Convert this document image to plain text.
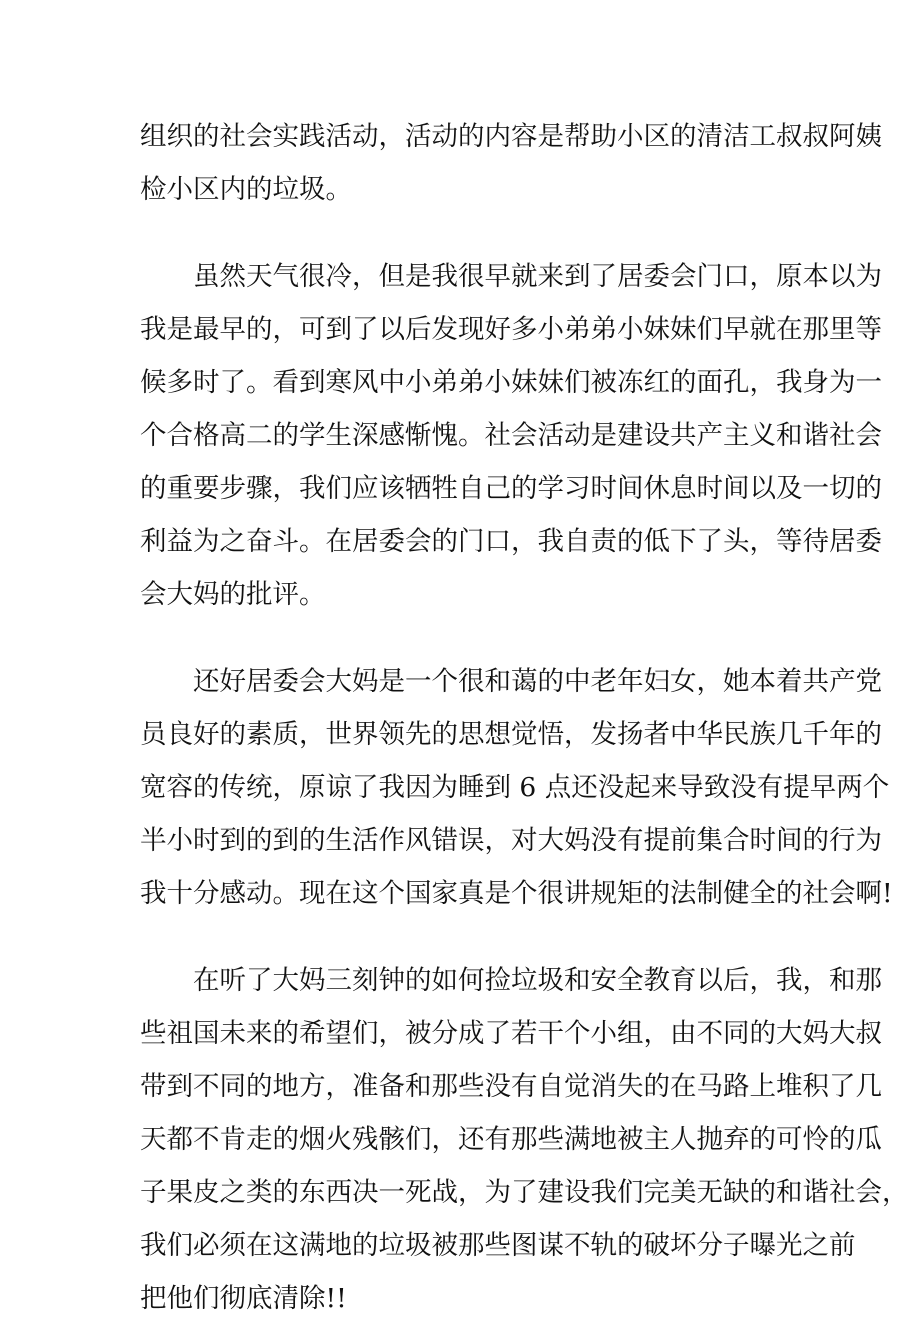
组织的社会实践活动，活动的内容是帮助小区的清洁工叔叔阿姨
检小区内的垃圾。

虽然天气很冷，但是我很早就来到了居委会门口，原本以为
我是最早的，可到了以后发现好多小弟弟小妹妹们早就在那里等
候多时了。看到寒风中小弟弟小妹妹们被冻红的面孔，我身为一
个合格高二的学生深感惭愧。社会活动是建设共产主义和谐社会
的重要步骤，我们应该牺牲自己的学习时间休息时间以及一切的
利益为之奋斗。在居委会的门口，我自责的低下了头，等待居委
会大妈的批评。

还好居委会大妈是一个很和蔼的中老年妇女，她本着共产党
员良好的素质，世界领先的思想觉悟，发扬者中华民族几千年的
宽容的传统，原谅了我因为睡到 6 点还没起来导致没有提早两个
半小时到的到的生活作风错误，对大妈没有提前集合时间的行为
我十分感动。现在这个国家真是个很讲规矩的法制健全的社会啊!

在听了大妈三刻钟的如何捡垃圾和安全教育以后，我，和那
些祖国未来的希望们，被分成了若干个小组，由不同的大妈大叔
带到不同的地方，准备和那些没有自觉消失的在马路上堆积了几
天都不肯走的烟火残骸们，还有那些满地被主人抛弃的可怜的瓜
子果皮之类的东西决一死战，为了建设我们完美无缺的和谐社会，
我们必须在这满地的垃圾被那些图谋不轨的破坏分子曝光之前
把他们彻底清除!!
